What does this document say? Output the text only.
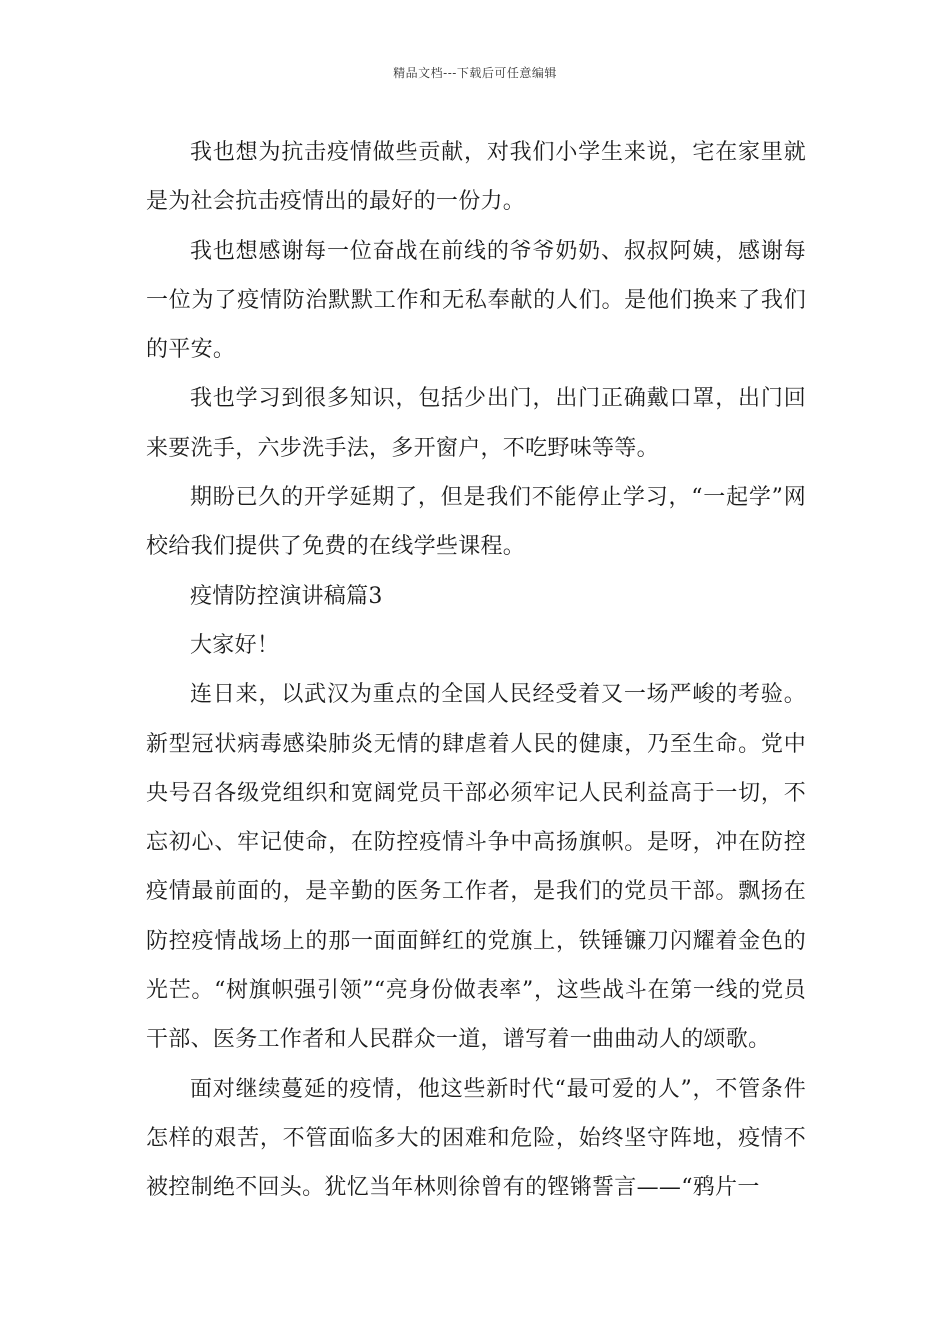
精品文档---下载后可任意编辑

我也想为抗击疫情做些贡献，对我们小学生来说，宅在家里就是为社会抗击疫情出的最好的一份力。

我也想感谢每一位奋战在前线的爷爷奶奶、叔叔阿姨，感谢每一位为了疫情防治默默工作和无私奉献的人们。是他们换来了我们的平安。

我也学习到很多知识，包括少出门，出门正确戴口罩，出门回来要洗手，六步洗手法，多开窗户，不吃野味等等。

期盼已久的开学延期了，但是我们不能停止学习，“一起学”网校给我们提供了免费的在线学些课程。

疫情防控演讲稿篇3

大家好！

连日来，以武汉为重点的全国人民经受着又一场严峻的考验。新型冠状病毒感染肺炎无情的肆虐着人民的健康，乃至生命。党中央号召各级党组织和宽阔党员干部必须牢记人民利益高于一切，不忘初心、牢记使命，在防控疫情斗争中高扬旗帜。是呀，冲在防控疫情最前面的，是辛勤的医务工作者，是我们的党员干部。飘扬在防控疫情战场上的那一面面鲜红的党旗上，铁锤镰刀闪耀着金色的光芒。“树旗帜强引领”“亮身份做表率”，这些战斗在第一线的党员干部、医务工作者和人民群众一道，谱写着一曲曲动人的颂歌。

面对继续蔓延的疫情，他这些新时代“最可爱的人”，不管条件怎样的艰苦，不管面临多大的困难和危险，始终坚守阵地，疫情不被控制绝不回头。犹忆当年林则徐曾有的铿锵誓言——“鸦片一
